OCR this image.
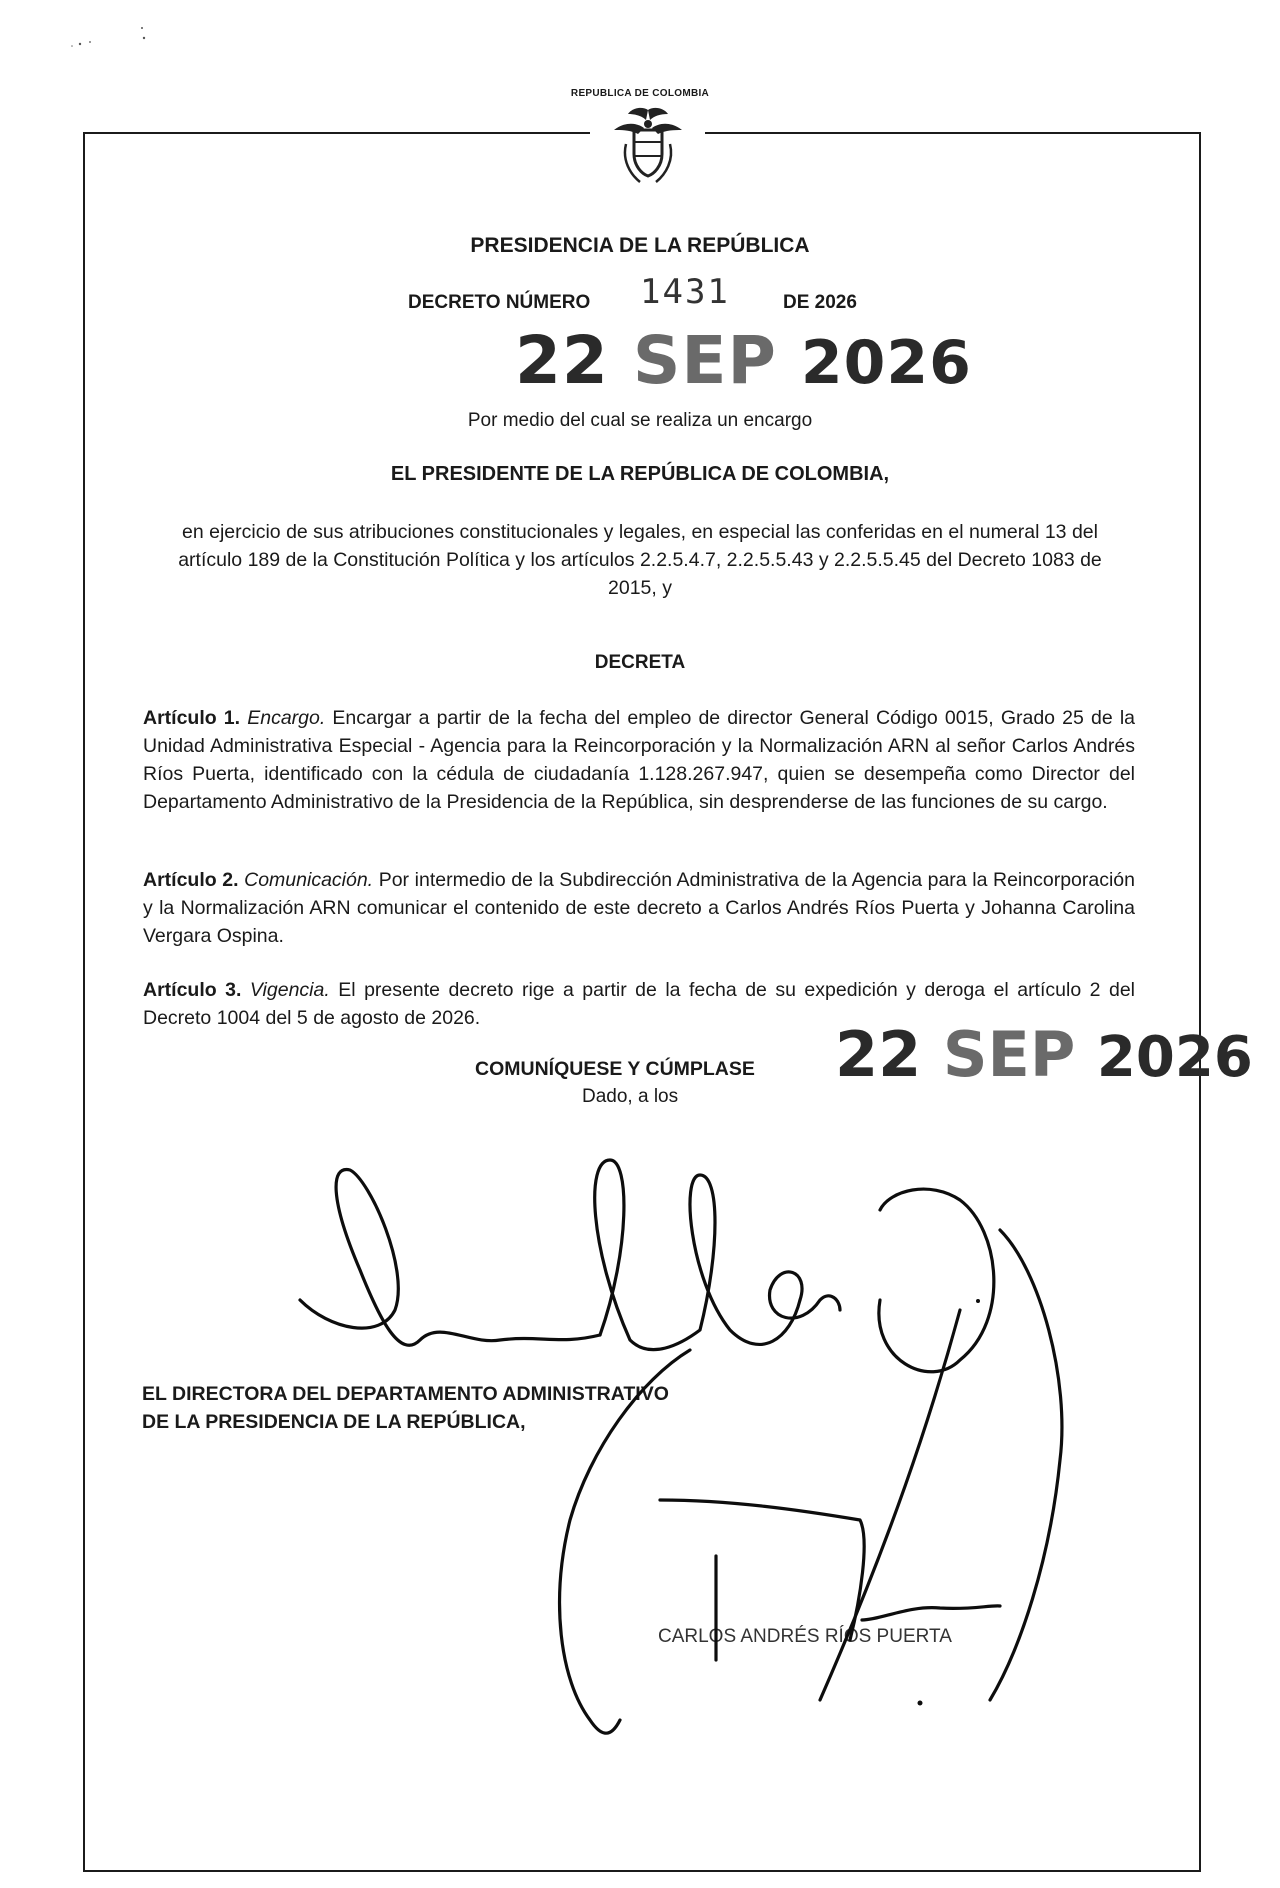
REPUBLICA DE COLOMBIA
PRESIDENCIA DE LA REPÚBLICA
DECRETO NÚMERO 1431	DE 2026
22 SEP 2026
Por medio del cual se realiza un encargo
EL PRESIDENTE DE LA REPÚBLICA DE COLOMBIA,
en ejercicio de sus atribuciones constitucionales y legales, en especial las conferidas en el numeral 13 del artículo 189 de la Constitución Política y los artículos 2.2.5.4.7, 2.2.5.5.43 y 2.2.5.5.45 del Decreto 1083 de 2015, y
DECRETA
Artículo 1. Encargo. Encargar a partir de la fecha del empleo de director General Código 0015, Grado 25 de la Unidad Administrativa Especial - Agencia para la Reincorporación y la Normalización ARN al señor Carlos Andrés Ríos Puerta, identificado con la cédula de ciudadanía 1.128.267.947, quien se desempeña como Director del Departamento Administrativo de la Presidencia de la República, sin desprenderse de las funciones de su cargo.
Artículo 2. Comunicación. Por intermedio de la Subdirección Administrativa de la Agencia para la Reincorporación y la Normalización ARN comunicar el contenido de este decreto a Carlos Andrés Ríos Puerta y Johanna Carolina Vergara Ospina.
Artículo 3. Vigencia. El presente decreto rige a partir de la fecha de su expedición y deroga el artículo 2 del Decreto 1004 del 5 de agosto de 2026.
COMUNÍQUESE Y CÚMPLASE
Dado, a los
22 SEP 2026
EL DIRECTORA DEL DEPARTAMENTO ADMINISTRATIVO
DE LA PRESIDENCIA DE LA REPÚBLICA,
CARLOS ANDRÉS RÍOS PUERTA
